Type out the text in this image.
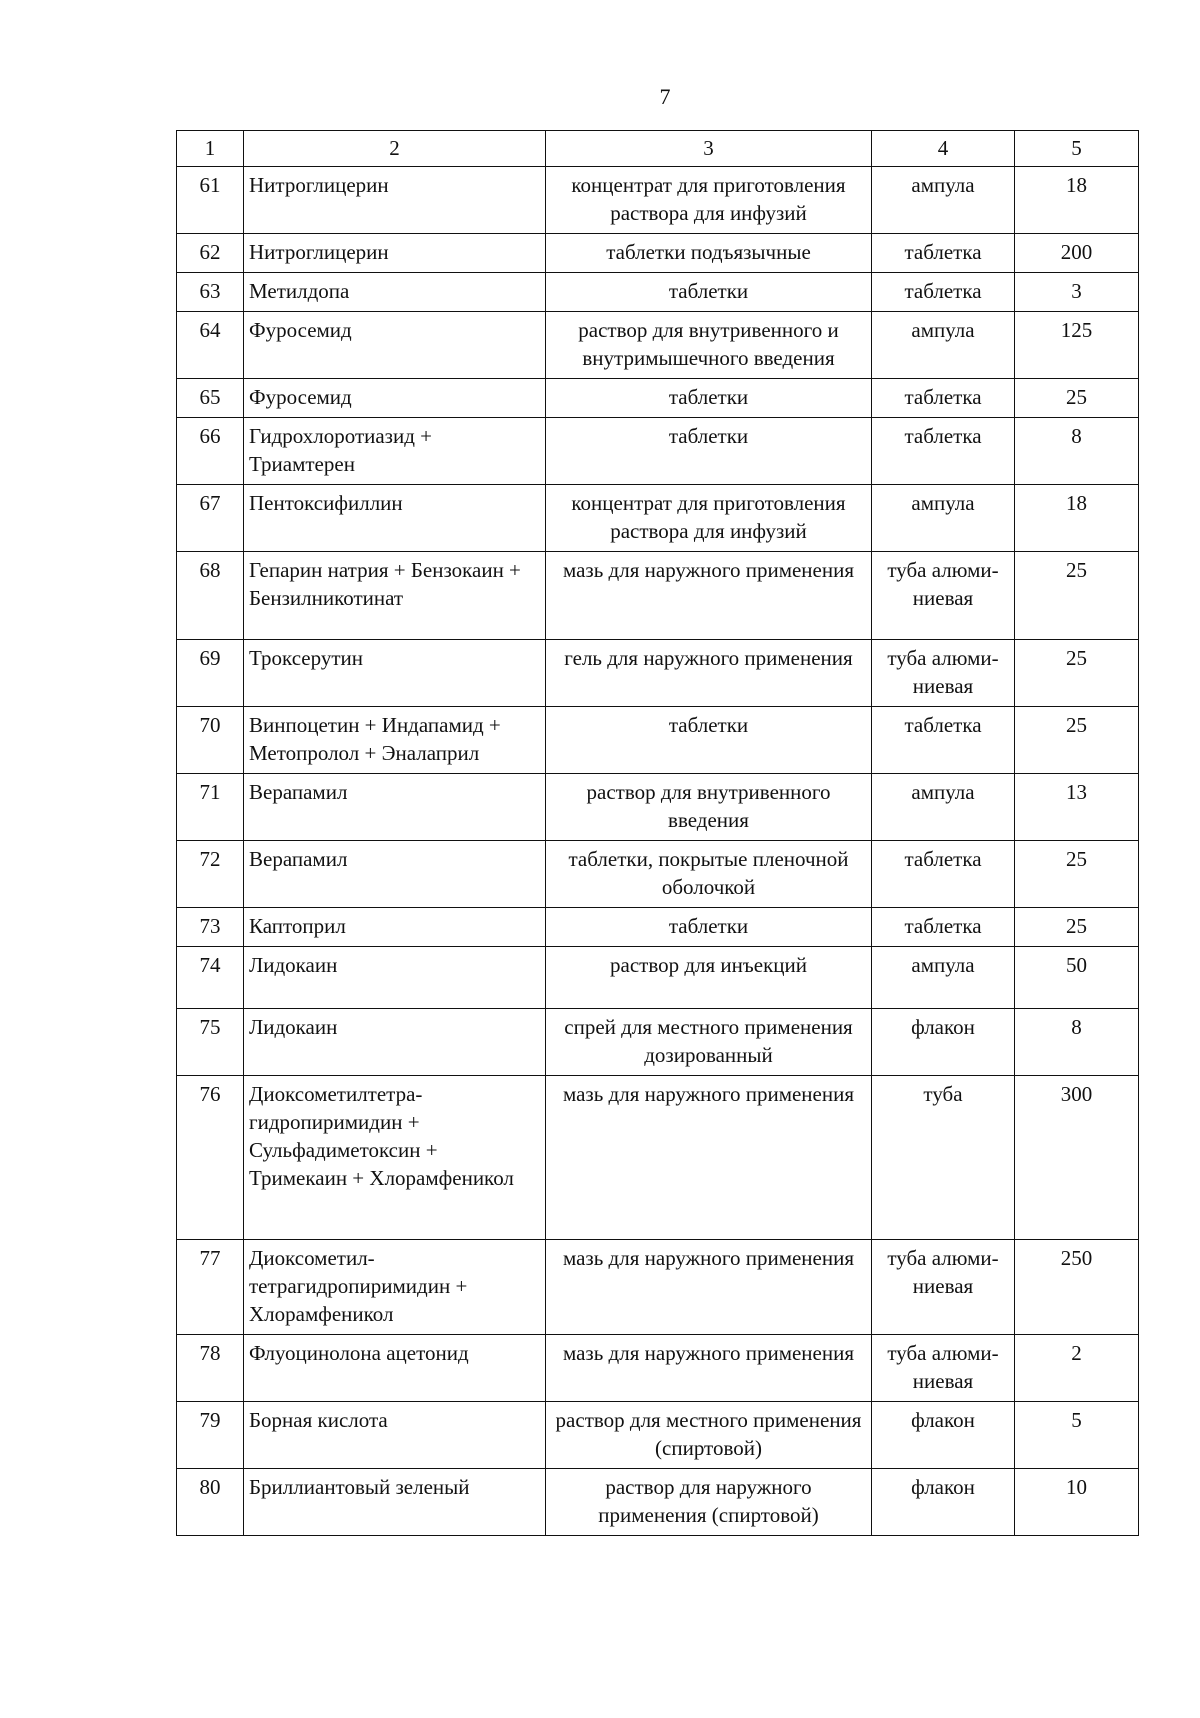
7
1	2	3	4	5
61	Нитроглицерин	концентрат для приготовления раствора для инфузий	ампула	18
62	Нитроглицерин	таблетки подъязычные	таблетка	200
63	Метилдопа	таблетки	таблетка	3
64	Фуросемид	раствор для внутривенного и внутримышечного введения	ампула	125
65	Фуросемид	таблетки	таблетка	25
66	Гидрохлоротиазид + Триамтерен	таблетки	таблетка	8
67	Пентоксифиллин	концентрат для приготовления раствора для инфузий	ампула	18
68	Гепарин натрия + Бензокаин + Бензилникотинат	мазь для наружного применения	туба алюми-ниевая	25
69	Троксерутин	гель для наружного применения	туба алюми-ниевая	25
70	Винпоцетин + Индапамид + Метопролол + Эналаприл	таблетки	таблетка	25
71	Верапамил	раствор для внутривенного введения	ампула	13
72	Верапамил	таблетки, покрытые пленочной оболочкой	таблетка	25
73	Каптоприл	таблетки	таблетка	25
74	Лидокаин	раствор для инъекций	ампула	50
75	Лидокаин	спрей для местного применения дозированный	флакон	8
76	Диоксометилтетра-гидропиримидин + Сульфадиметоксин + Тримекаин + Хлорамфеникол	мазь для наружного применения	туба	300
77	Диоксометил-тетрагидропиримидин + Хлорамфеникол	мазь для наружного применения	туба алюми-ниевая	250
78	Флуоцинолона ацетонид	мазь для наружного применения	туба алюми-ниевая	2
79	Борная кислота	раствор для местного применения (спиртовой)	флакон	5
80	Бриллиантовый зеленый	раствор для наружного применения (спиртовой)	флакон	10
